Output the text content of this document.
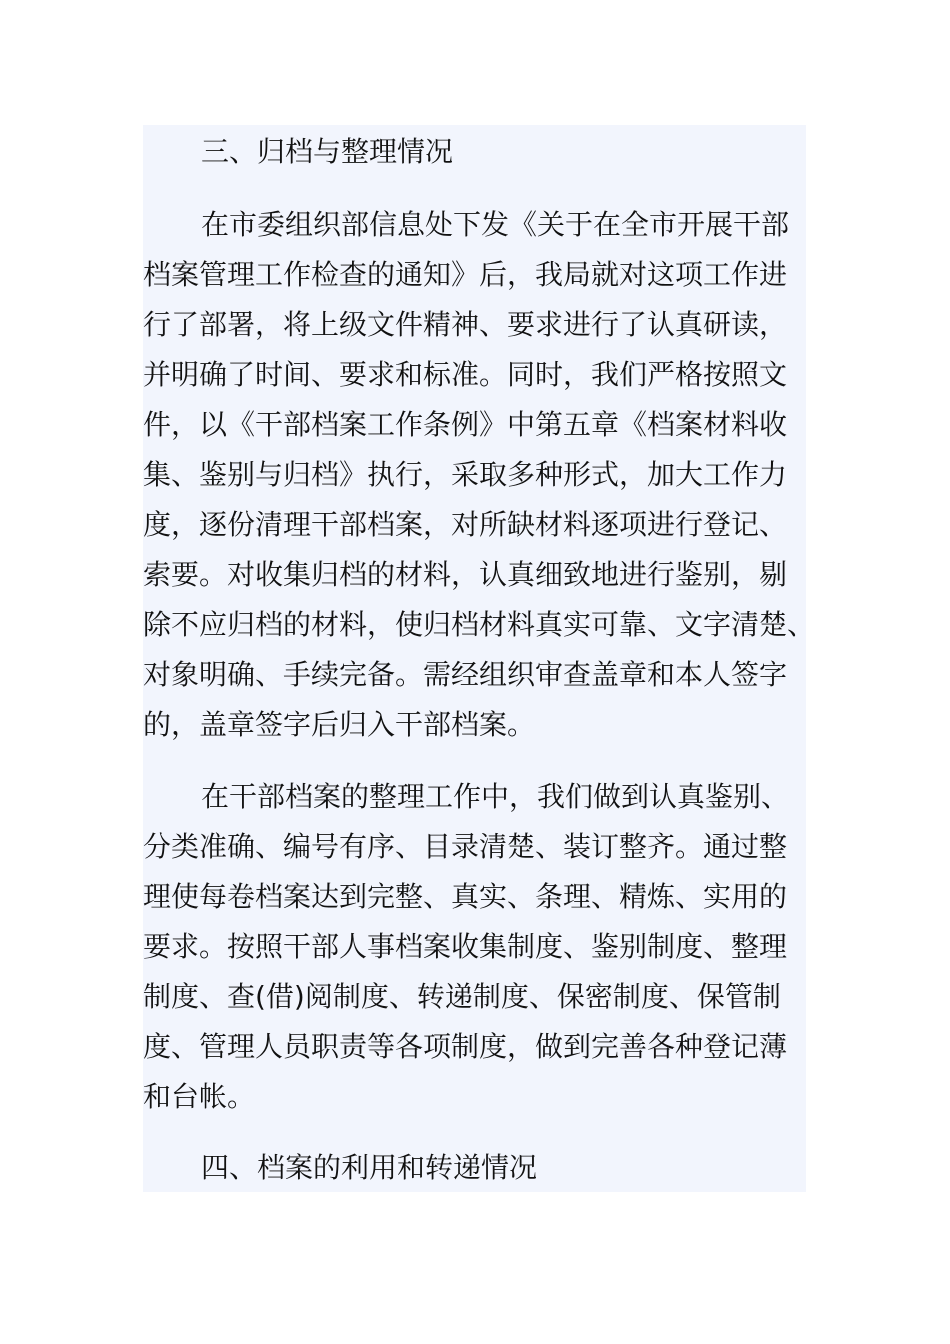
三、归档与整理情况
在市委组织部信息处下发《关于在全市开展干部
档案管理工作检查的通知》后，我局就对这项工作进
行了部署，将上级文件精神、要求进行了认真研读，
并明确了时间、要求和标准。同时，我们严格按照文
件，以《干部档案工作条例》中第五章《档案材料收
集、鉴别与归档》执行，采取多种形式，加大工作力
度，逐份清理干部档案，对所缺材料逐项进行登记、
索要。对收集归档的材料，认真细致地进行鉴别，剔
除不应归档的材料，使归档材料真实可靠、文字清楚、
对象明确、手续完备。需经组织审查盖章和本人签字
的，盖章签字后归入干部档案。
在干部档案的整理工作中，我们做到认真鉴别、
分类准确、编号有序、目录清楚、装订整齐。通过整
理使每卷档案达到完整、真实、条理、精炼、实用的
要求。按照干部人事档案收集制度、鉴别制度、整理
制度、查(借)阅制度、转递制度、保密制度、保管制
度、管理人员职责等各项制度，做到完善各种登记薄
和台帐。
四、档案的利用和转递情况
